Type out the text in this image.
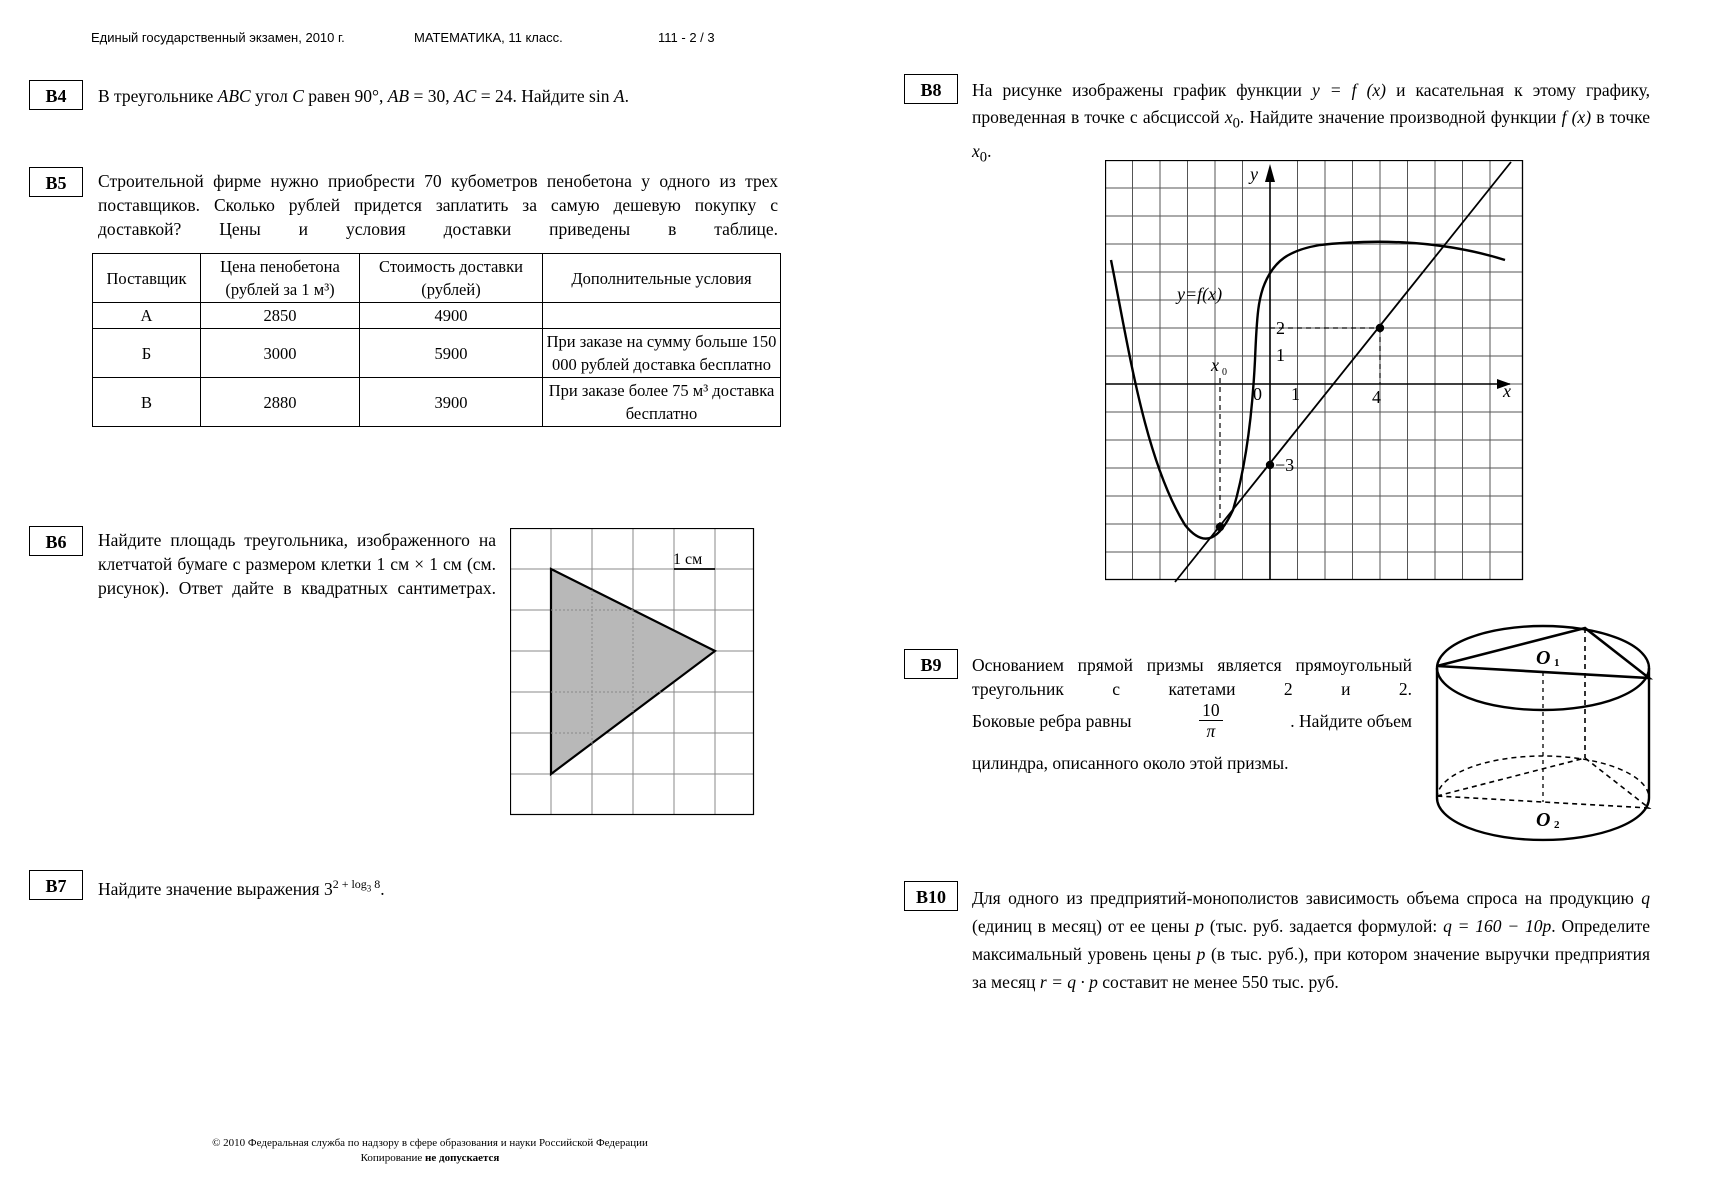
Единый государственный экзамен, 2010 г.	МАТЕМАТИКА, 11 класс.	111 - 2 / 3
B4	В треугольнике ABC угол C равен 90°, AB = 30, AC = 24. Найдите sin A.
B5	Строительной фирме нужно приобрести 70 кубометров пенобетона у одного из трех поставщиков. Сколько рублей придется заплатить за самую дешевую покупку с доставкой? Цены и условия доставки приведены в таблице.
Поставщик	Цена пенобетона (рублей за 1 м³)	Стоимость доставки (рублей)	Дополнительные условия
А	2850	4900	
Б	3000	5900	При заказе на сумму больше 150 000 рублей доставка бесплатно
В	2880	3900	При заказе более 75 м³ доставка бесплатно
B6	Найдите площадь треугольника, изображенного на клетчатой бумаге с размером клетки 1 см × 1 см (см. рисунок). Ответ дайте в квадратных сантиметрах.
1 см
B7	Найдите значение выражения $3^{2 + log_3 8}$.
B8	На рисунке изображены график функции y = f (x) и касательная к этому графику, проведенная в точке с абсциссой $x_0$. Найдите значение производной функции f (x) в точке $x_0$.
y
x
y=f(x)
x 0
0 1	4
1
2
−3
B9	Основанием прямой призмы является прямоугольный треугольник с катетами 2 и 2.
Боковые ребра равны	$\frac{10}{\pi}$	. Найдите объем
цилиндра, описанного около этой призмы.
O 1
O 2
B10	Для одного из предприятий-монополистов зависимость объема спроса на продукцию q (единиц в месяц) от ее цены p (тыс. руб. задается формулой: q = 160 − 10p. Определите максимальный уровень цены p (в тыс. руб.), при котором значение выручки предприятия за месяц r = q · p составит не менее 550 тыс. руб.
© 2010 Федеральная служба по надзору в сфере образования и науки Российской Федерации
Копирование не допускается
